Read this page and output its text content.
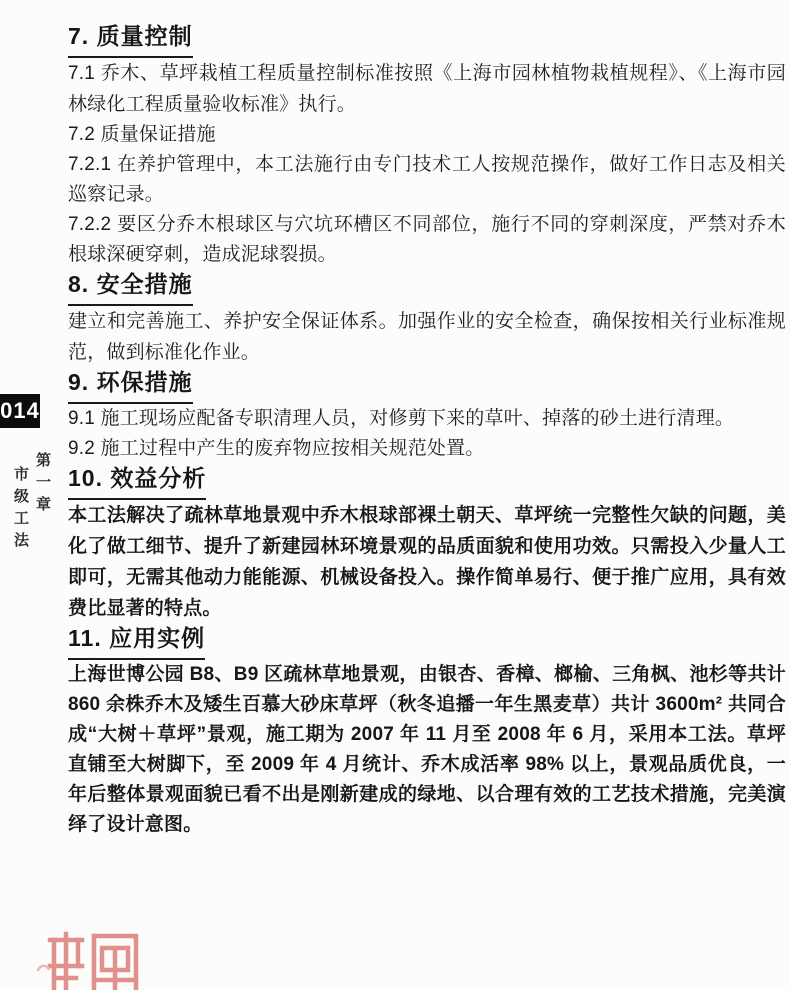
014
第一章
市级工法
7. 质量控制

7.1 乔木、草坪栽植工程质量控制标准按照《上海市园林植物栽植规程》、《上海市园林绿化工程质量验收标准》执行。

7.2 质量保证措施

7.2.1 在养护管理中，本工法施行由专门技术工人按规范操作，做好工作日志及相关巡察记录。

7.2.2 要区分乔木根球区与穴坑环槽区不同部位，施行不同的穿刺深度，严禁对乔木根球深硬穿刺，造成泥球裂损。

8. 安全措施

建立和完善施工、养护安全保证体系。加强作业的安全检查，确保按相关行业标准规范，做到标准化作业。

9. 环保措施

9.1 施工现场应配备专职清理人员，对修剪下来的草叶、掉落的砂土进行清理。

9.2 施工过程中产生的废弃物应按相关规范处置。

10. 效益分析

本工法解决了疏林草地景观中乔木根球部裸土朝天、草坪统一完整性欠缺的问题，美化了做工细节、提升了新建园林环境景观的品质面貌和使用功效。只需投入少量人工即可，无需其他动力能能源、机械设备投入。操作简单易行、便于推广应用，具有效费比显著的特点。

11. 应用实例

上海世博公园 B8、B9 区疏林草地景观，由银杏、香樟、榔榆、三角枫、池杉等共计 860 余株乔木及矮生百慕大砂床草坪（秋冬追播一年生黑麦草）共计 3600m² 共同合成“大树＋草坪”景观，施工期为 2007 年 11 月至 2008 年 6 月，采用本工法。草坪直铺至大树脚下，至 2009 年 4 月统计、乔木成活率 98% 以上，景观品质优良，一年后整体景观面貌已看不出是刚新建成的绿地、以合理有效的工艺技术措施，完美演绎了设计意图。
